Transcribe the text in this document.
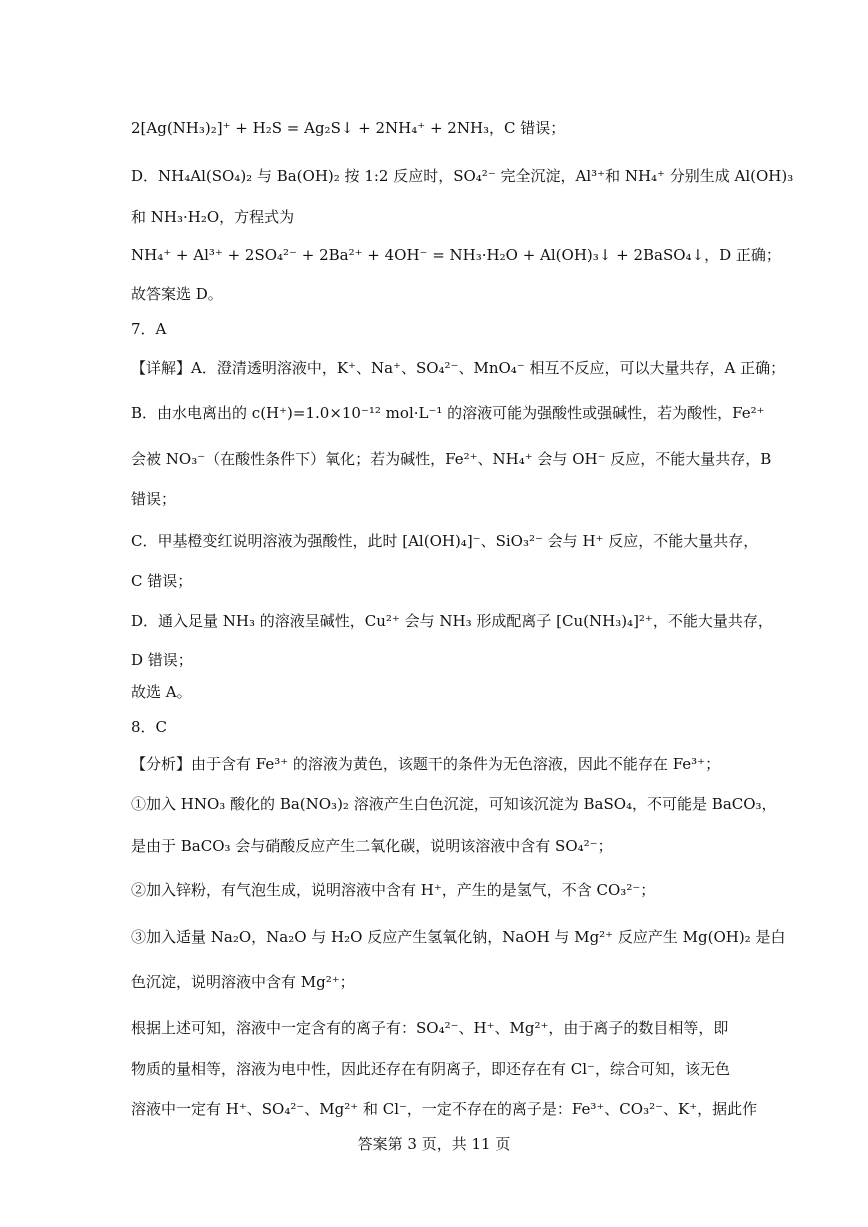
2[Ag(NH₃)₂]⁺ + H₂S = Ag₂S↓ + 2NH₄⁺ + 2NH₃，C 错误；
D．NH₄Al(SO₄)₂ 与 Ba(OH)₂ 按 1:2 反应时，SO₄²⁻ 完全沉淀，Al³⁺和 NH₄⁺ 分别生成 Al(OH)₃
和 NH₃·H₂O，方程式为
NH₄⁺ + Al³⁺ + 2SO₄²⁻ + 2Ba²⁺ + 4OH⁻ = NH₃·H₂O + Al(OH)₃↓ + 2BaSO₄↓，D 正确；
故答案选 D。
7．A
【详解】A．澄清透明溶液中，K⁺、Na⁺、SO₄²⁻、MnO₄⁻ 相互不反应，可以大量共存，A 正确；
B．由水电离出的 c(H⁺)=1.0×10⁻¹² mol·L⁻¹ 的溶液可能为强酸性或强碱性，若为酸性，Fe²⁺
会被 NO₃⁻（在酸性条件下）氧化；若为碱性，Fe²⁺、NH₄⁺ 会与 OH⁻ 反应，不能大量共存，B
错误；
C．甲基橙变红说明溶液为强酸性，此时 [Al(OH)₄]⁻、SiO₃²⁻ 会与 H⁺ 反应，不能大量共存，
C 错误；
D．通入足量 NH₃ 的溶液呈碱性，Cu²⁺ 会与 NH₃ 形成配离子 [Cu(NH₃)₄]²⁺，不能大量共存，
D 错误；
故选 A。
8．C
【分析】由于含有 Fe³⁺ 的溶液为黄色，该题干的条件为无色溶液，因此不能存在 Fe³⁺；
①加入 HNO₃ 酸化的 Ba(NO₃)₂ 溶液产生白色沉淀，可知该沉淀为 BaSO₄，不可能是 BaCO₃，
是由于 BaCO₃ 会与硝酸反应产生二氧化碳，说明该溶液中含有 SO₄²⁻；
②加入锌粉，有气泡生成，说明溶液中含有 H⁺，产生的是氢气，不含 CO₃²⁻；
③加入适量 Na₂O，Na₂O 与 H₂O 反应产生氢氧化钠，NaOH 与 Mg²⁺ 反应产生 Mg(OH)₂ 是白
色沉淀，说明溶液中含有 Mg²⁺；
根据上述可知，溶液中一定含有的离子有：SO₄²⁻、H⁺、Mg²⁺，由于离子的数目相等，即
物质的量相等，溶液为电中性，因此还存在有阴离子，即还存在有 Cl⁻，综合可知，该无色
溶液中一定有 H⁺、SO₄²⁻、Mg²⁺ 和 Cl⁻，一定不存在的离子是：Fe³⁺、CO₃²⁻、K⁺，据此作
答案第 3 页，共 11 页
